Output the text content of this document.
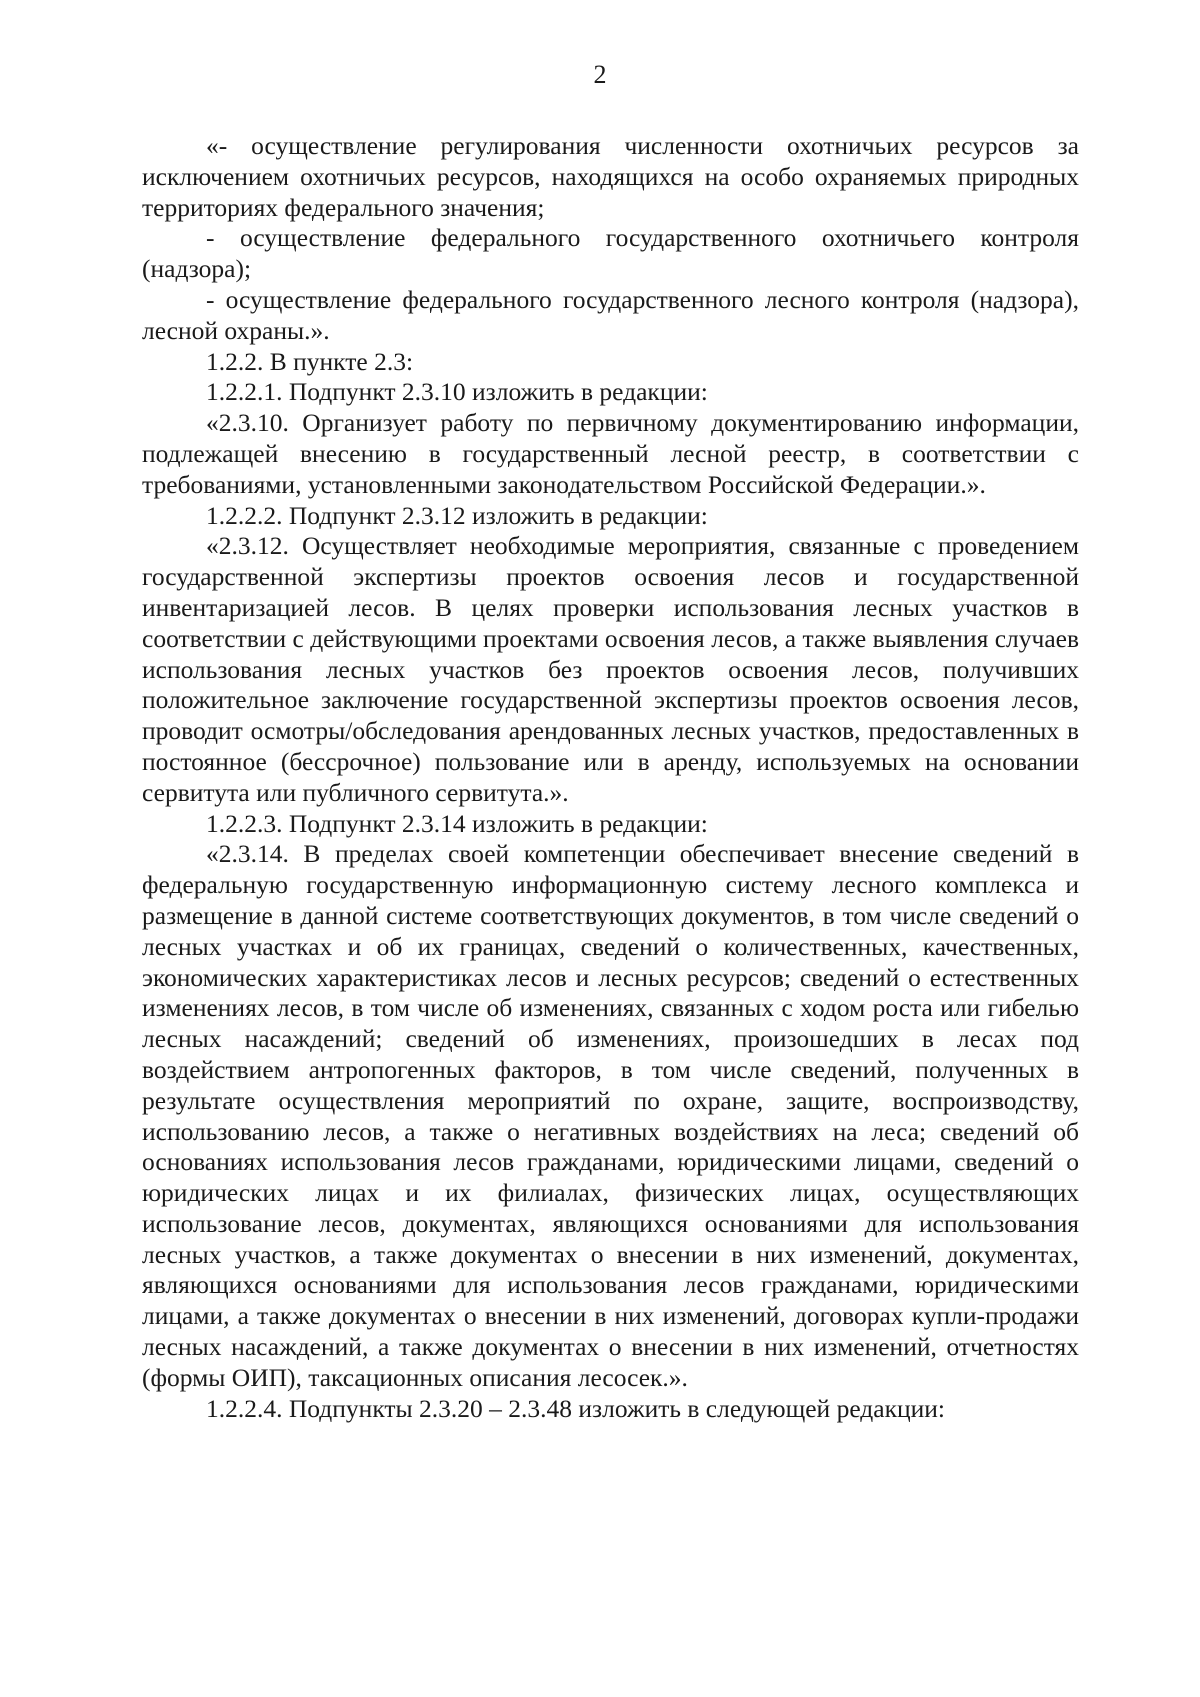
2

«- осуществление регулирования численности охотничьих ресурсов за исключением охотничьих ресурсов, находящихся на особо охраняемых природных территориях федерального значения;

- осуществление федерального государственного охотничьего контроля (надзора);

- осуществление федерального государственного лесного контроля (надзора), лесной охраны.».

1.2.2. В пункте 2.3:

1.2.2.1. Подпункт 2.3.10 изложить в редакции:

«2.3.10. Организует работу по первичному документированию информации, подлежащей внесению в государственный лесной реестр, в соответствии с требованиями, установленными законодательством Российской Федерации.».

1.2.2.2. Подпункт 2.3.12 изложить в редакции:

«2.3.12. Осуществляет необходимые мероприятия, связанные с проведением государственной экспертизы проектов освоения лесов и государственной инвентаризацией лесов. В целях проверки использования лесных участков в соответствии с действующими проектами освоения лесов, а также выявления случаев использования лесных участков без проектов освоения лесов, получивших положительное заключение государственной экспертизы проектов освоения лесов, проводит осмотры/обследования арендованных лесных участков, предоставленных в постоянное (бессрочное) пользование или в аренду, используемых на основании сервитута или публичного сервитута.».

1.2.2.3. Подпункт 2.3.14 изложить в редакции:

«2.3.14. В пределах своей компетенции обеспечивает внесение сведений в федеральную государственную информационную систему лесного комплекса и размещение в данной системе соответствующих документов, в том числе сведений о лесных участках и об их границах, сведений о количественных, качественных, экономических характеристиках лесов и лесных ресурсов; сведений о естественных изменениях лесов, в том числе об изменениях, связанных с ходом роста или гибелью лесных насаждений; сведений об изменениях, произошедших в лесах под воздействием антропогенных факторов, в том числе сведений, полученных в результате осуществления мероприятий по охране, защите, воспроизводству, использованию лесов, а также о негативных воздействиях на леса; сведений об основаниях использования лесов гражданами, юридическими лицами, сведений о юридических лицах и их филиалах, физических лицах, осуществляющих использование лесов, документах, являющихся основаниями для использования лесных участков, а также документах о внесении в них изменений, документах, являющихся основаниями для использования лесов гражданами, юридическими лицами, а также документах о внесении в них изменений, договорах купли-продажи лесных насаждений, а также документах о внесении в них изменений, отчетностях (формы ОИП), таксационных описания лесосек.».

1.2.2.4. Подпункты 2.3.20 – 2.3.48 изложить в следующей редакции:
